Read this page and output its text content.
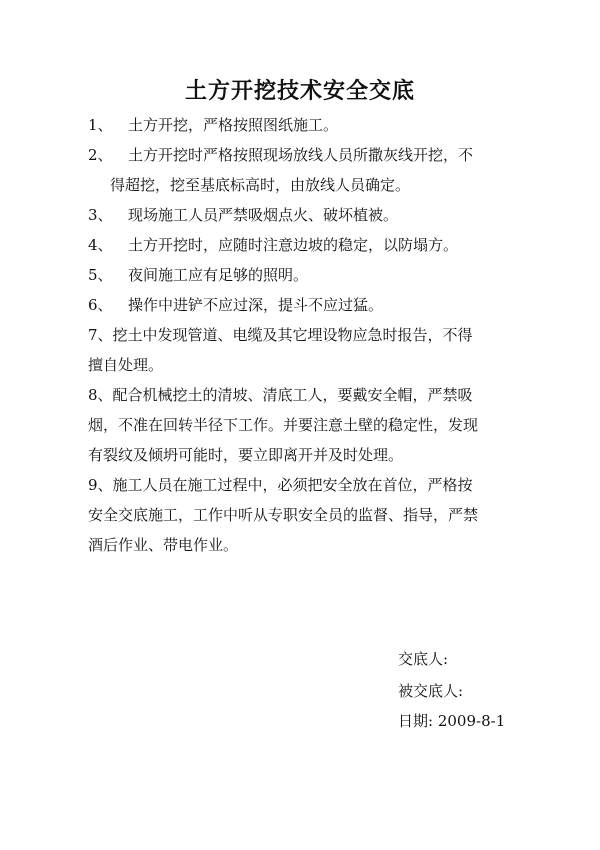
土方开挖技术安全交底
1、	土方开挖，严格按照图纸施工。
2、	土方开挖时严格按照现场放线人员所撒灰线开挖，不
得超挖，挖至基底标高时，由放线人员确定。
3、	现场施工人员严禁吸烟点火、破坏植被。
4、	土方开挖时，应随时注意边坡的稳定，以防塌方。
5、	夜间施工应有足够的照明。
6、	操作中进铲不应过深，提斗不应过猛。
7、挖土中发现管道、电缆及其它埋设物应急时报告，不得
擅自处理。
8、配合机械挖土的清坡、清底工人，要戴安全帽，严禁吸
烟，不准在回转半径下工作。并要注意土壁的稳定性，发现
有裂纹及倾坍可能时，要立即离开并及时处理。
9、施工人员在施工过程中，必须把安全放在首位，严格按
安全交底施工，工作中听从专职安全员的监督、指导，严禁
酒后作业、带电作业。
交底人:
被交底人:
日期: 2009-8-1
